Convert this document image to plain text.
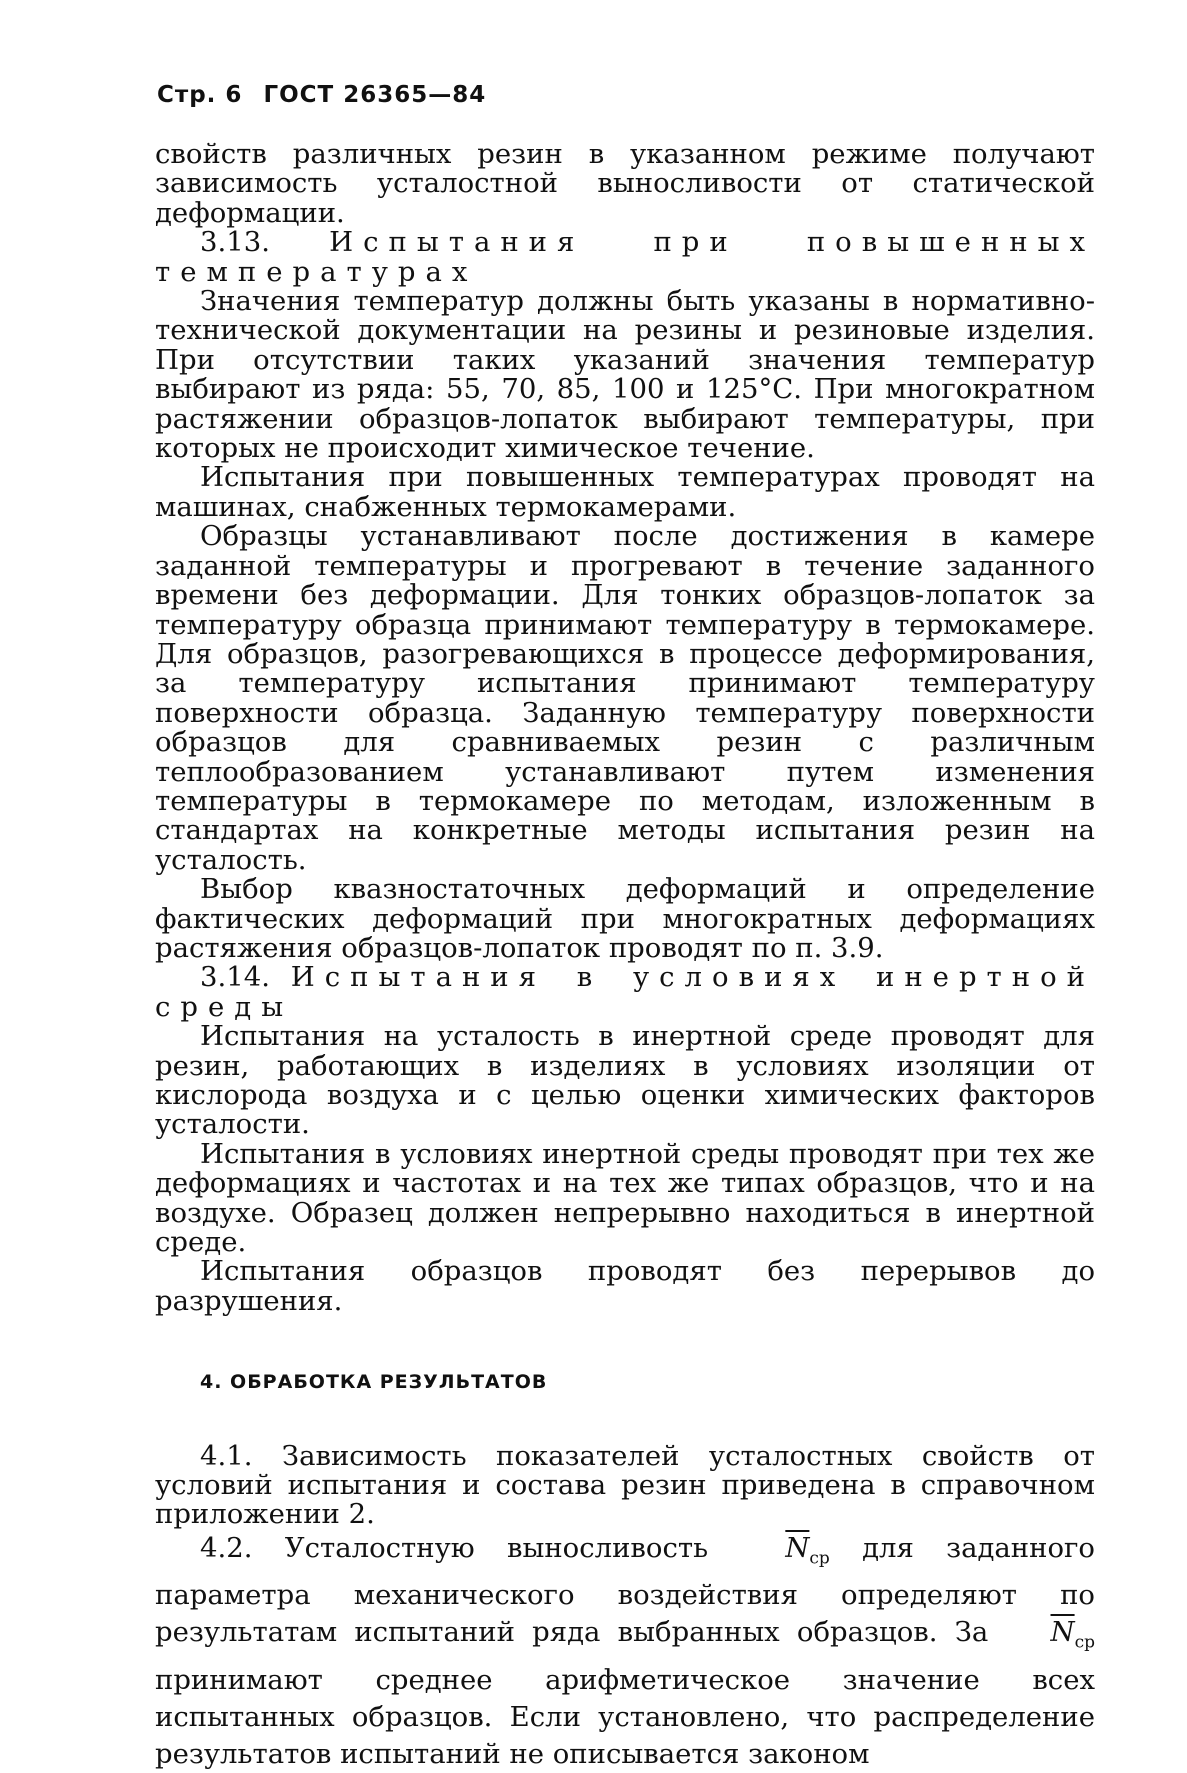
Стр. 6 ГОСТ 26365—84

свойств различных резин в указанном режиме получают зависимость усталостной выносливости от статической деформации.

3.13. Испытания при повышенных температурах

Значения температур должны быть указаны в нормативно-технической документации на резины и резиновые изделия. При отсутствии таких указаний значения температур выбирают из ряда: 55, 70, 85, 100 и 125°С. При многократном растяжении образцов-лопаток выбирают температуры, при которых не происходит химическое течение.

Испытания при повышенных температурах проводят на машинах, снабженных термокамерами.

Образцы устанавливают после достижения в камере заданной температуры и прогревают в течение заданного времени без деформации. Для тонких образцов-лопаток за температуру образца принимают температуру в термокамере. Для образцов, разогревающихся в процессе деформирования, за температуру испытания принимают температуру поверхности образца. Заданную температуру поверхности образцов для сравниваемых резин с различным теплообразованием устанавливают путем изменения температуры в термокамере по методам, изложенным в стандартах на конкретные методы испытания резин на усталость.

Выбор квазностаточных деформаций и определение фактических деформаций при многократных деформациях растяжения образцов-лопаток проводят по п. 3.9.

3.14. Испытания в условиях инертной среды

Испытания на усталость в инертной среде проводят для резин, работающих в изделиях в условиях изоляции от кислорода воздуха и с целью оценки химических факторов усталости.

Испытания в условиях инертной среды проводят при тех же деформациях и частотах и на тех же типах образцов, что и на воздухе. Образец должен непрерывно находиться в инертной среде.

Испытания образцов проводят без перерывов до разрушения.

4. ОБРАБОТКА РЕЗУЛЬТАТОВ

4.1. Зависимость показателей усталостных свойств от условий испытания и состава резин приведена в справочном приложении 2.

4.2. Усталостную выносливость	$\overline{N}_{ср}$ для заданного параметра механического воздействия определяют по результатам испытаний ряда выбранных образцов. За $\overline{N}_{ср}$ принимают среднее арифметическое значение всех испытанных образцов. Если установлено, что распределение результатов испытаний не описывается законом
